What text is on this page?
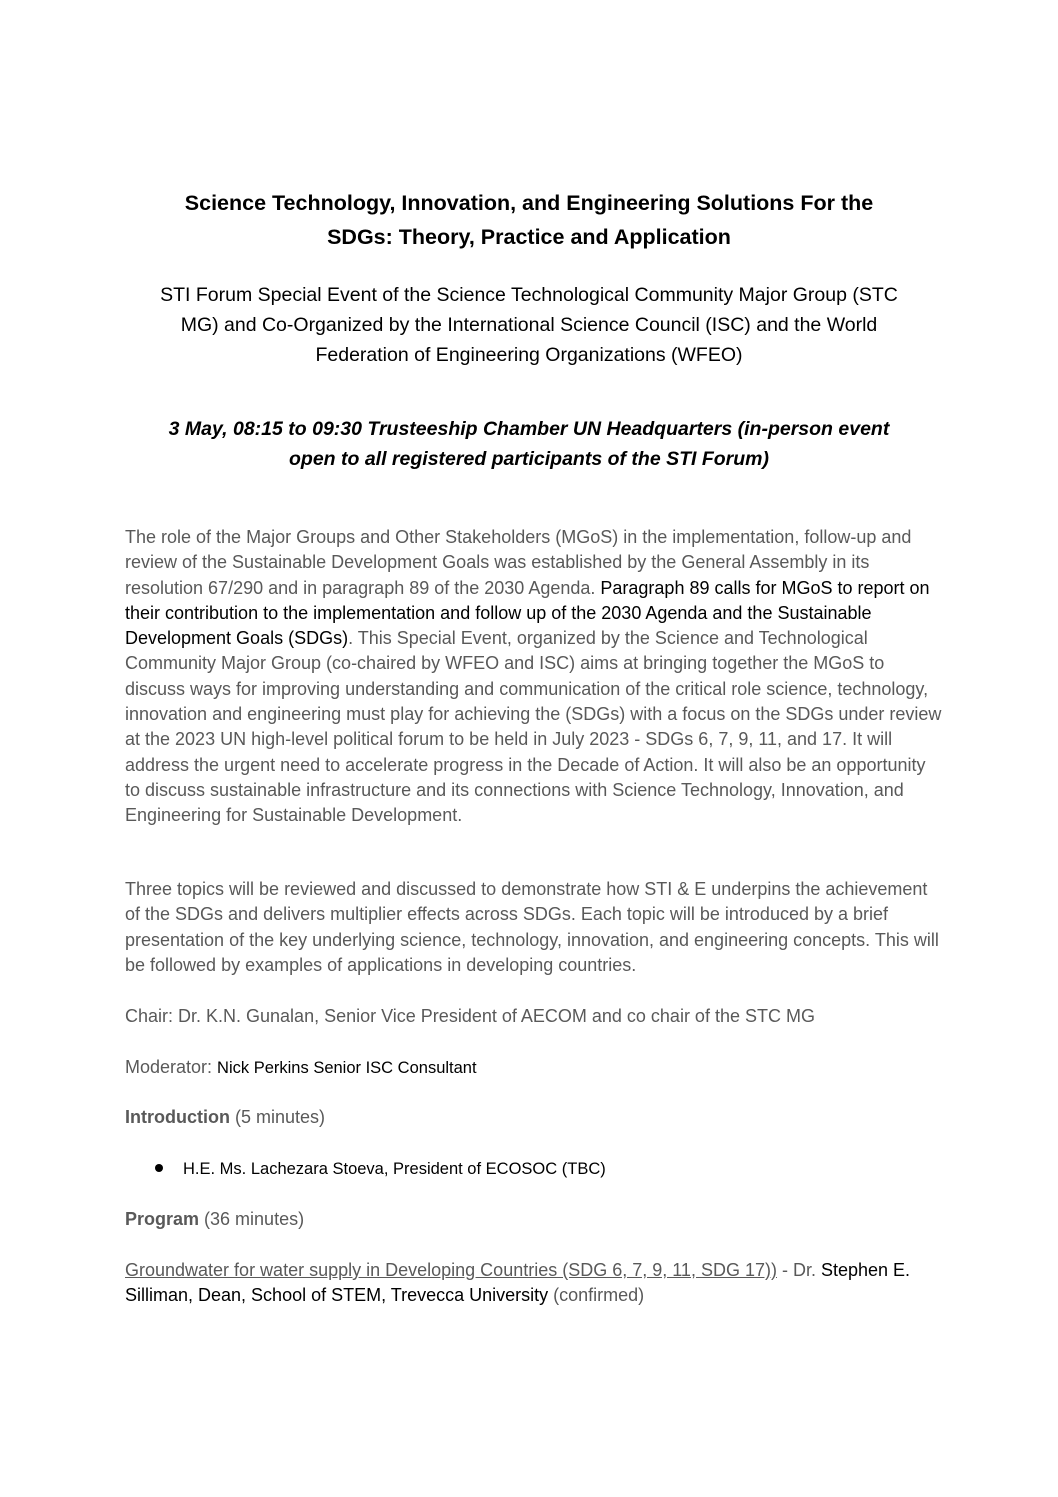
Science Technology, Innovation, and Engineering Solutions For the
SDGs: Theory, Practice and Application
STI Forum Special Event of the Science Technological Community Major Group (STC
MG) and Co-Organized by the International Science Council (ISC) and the World
Federation of Engineering Organizations (WFEO)
3 May, 08:15 to 09:30 Trusteeship Chamber UN Headquarters (in-person event
open to all registered participants of the STI Forum)
The role of the Major Groups and Other Stakeholders (MGoS) in the implementation, follow-up and review of the Sustainable Development Goals was established by the General Assembly in its resolution 67/290 and in paragraph 89 of the 2030 Agenda. Paragraph 89 calls for MGoS to report on their contribution to the implementation and follow up of the 2030 Agenda and the Sustainable Development Goals (SDGs). This Special Event, organized by the Science and Technological Community Major Group (co-chaired by WFEO and ISC) aims at bringing together the MGoS to discuss ways for improving understanding and communication of the critical role science, technology, innovation and engineering must play for achieving the (SDGs) with a focus on the SDGs under review at the 2023 UN high-level political forum to be held in July 2023 - SDGs 6, 7, 9, 11, and 17. It will address the urgent need to accelerate progress in the Decade of Action. It will also be an opportunity to discuss sustainable infrastructure and its connections with Science Technology, Innovation, and Engineering for Sustainable Development.
Three topics will be reviewed and discussed to demonstrate how STI & E underpins the achievement of the SDGs and delivers multiplier effects across SDGs. Each topic will be introduced by a brief presentation of the key underlying science, technology, innovation, and engineering concepts. This will be followed by examples of applications in developing countries.
Chair: Dr. K.N. Gunalan, Senior Vice President of AECOM and co chair of the STC MG
Moderator: Nick Perkins Senior ISC Consultant
Introduction (5 minutes)
H.E. Ms. Lachezara Stoeva, President of ECOSOC (TBC)
Program (36 minutes)
Groundwater for water supply in Developing Countries (SDG 6, 7, 9, 11, SDG 17)) - Dr. Stephen E. Silliman, Dean, School of STEM, Trevecca University (confirmed)
